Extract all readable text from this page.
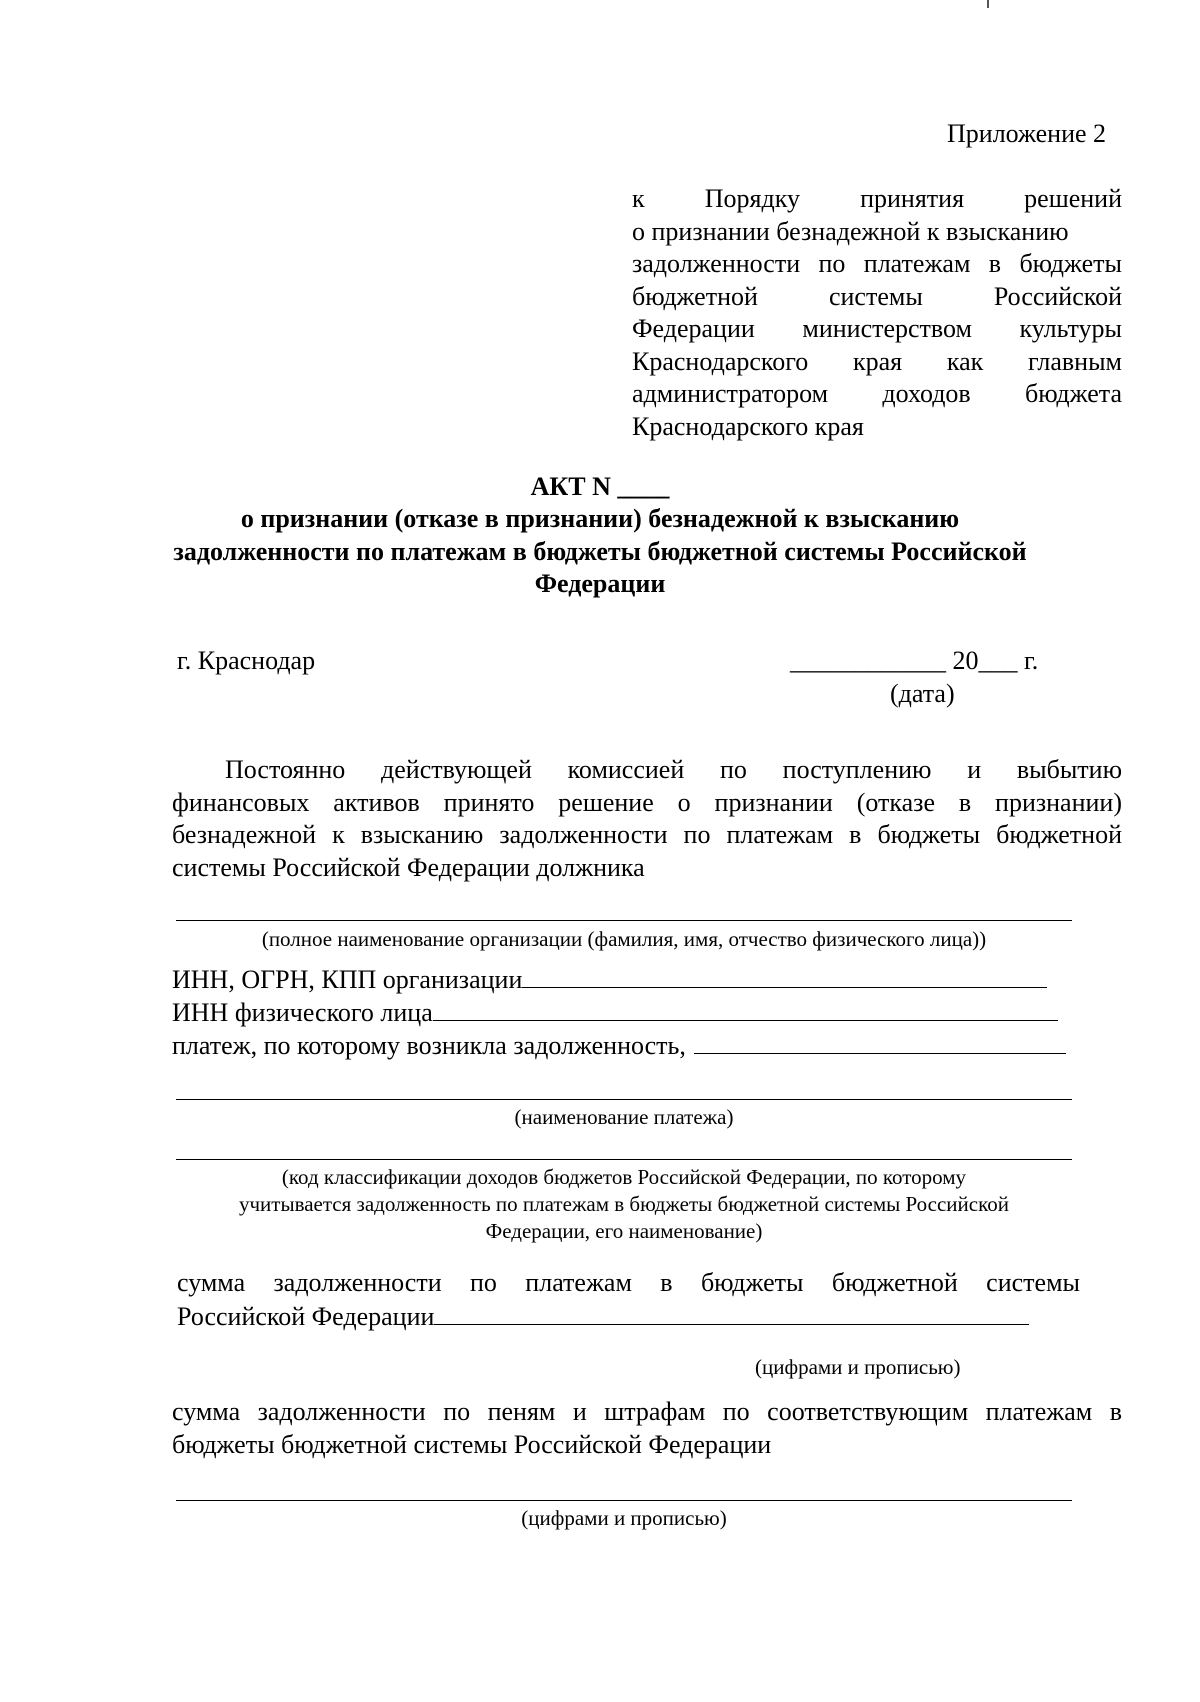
Приложение 2

к Порядку принятия решений
о признании безнадежной к взысканию
задолженности по платежам в бюджеты
бюджетной системы Российской
Федерации министерством культуры
Краснодарского края как главным
администратором доходов бюджета
Краснодарского края
АКТ N ____
о признании (отказе в признании) безнадежной к взысканию
задолженности по платежам в бюджеты бюджетной системы Российской
Федерации

г. Краснодар	____________ 20___ г.

(дата)

Постоянно действующей комиссией по поступлению и выбытию
финансовых активов принято решение о признании (отказе в признании)
безнадежной к взысканию задолженности по платежам в бюджеты бюджетной
системы Российской Федерации должника
(полное наименование организации (фамилия, имя, отчество физического лица))
ИНН, ОГРН, КПП организации
ИНН физического лица
платеж, по которому возникла задолженность,
(наименование платежа)
(код классификации доходов бюджетов Российской Федерации, по которому
учитывается задолженность по платежам в бюджеты бюджетной системы Российской
Федерации, его наименование)
сумма задолженности по платежам в бюджеты бюджетной системы
Российской Федерации
(цифрами и прописью)
сумма задолженности по пеням и штрафам по соответствующим платежам в
бюджеты бюджетной системы Российской Федерации
(цифрами и прописью)
